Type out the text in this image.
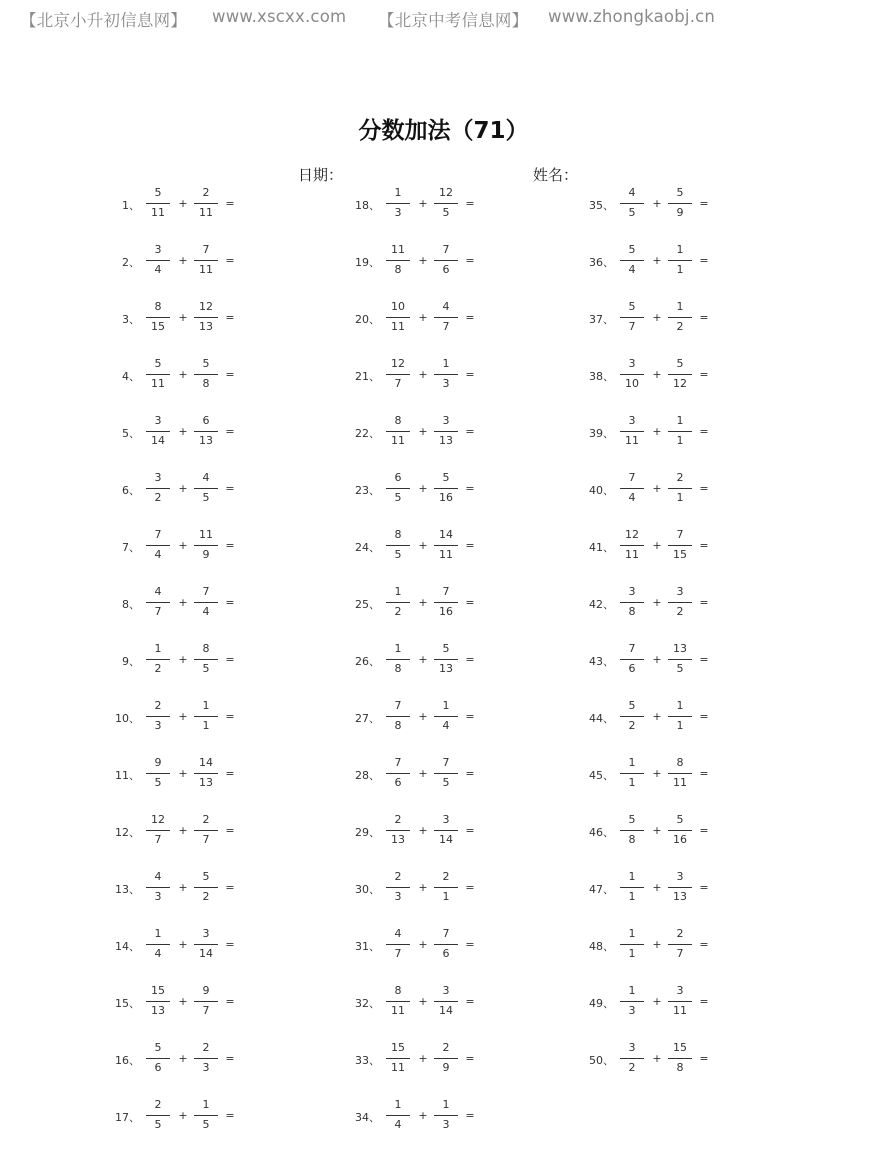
【北京小升初信息网】 www.xscxx.com 【北京中考信息网】 www.zhongkaobj.cn
分数加法（71）
日期：	姓名：
1、
5
11
+
2
11
=
2、
3
4
+
7
11
=
3、
8
15
+
12
13
=
4、
5
11
+
5
8
=
5、
3
14
+
6
13
=
6、
3
2
+
4
5
=
7、
7
4
+
11
9
=
8、
4
7
+
7
4
=
9、
1
2
+
8
5
=
10、
2
3
+
1
1
=
11、
9
5
+
14
13
=
12、
12
7
+
2
7
=
13、
4
3
+
5
2
=
14、
1
4
+
3
14
=
15、
15
13
+
9
7
=
16、
5
6
+
2
3
=
17、
2
5
+
1
5
=
18、
1
3
+
12
5
=
19、
11
8
+
7
6
=
20、
10
11
+
4
7
=
21、
12
7
+
1
3
=
22、
8
11
+
3
13
=
23、
6
5
+
5
16
=
24、
8
5
+
14
11
=
25、
1
2
+
7
16
=
26、
1
8
+
5
13
=
27、
7
8
+
1
4
=
28、
7
6
+
7
5
=
29、
2
13
+
3
14
=
30、
2
3
+
2
1
=
31、
4
7
+
7
6
=
32、
8
11
+
3
14
=
33、
15
11
+
2
9
=
34、
1
4
+
1
3
=
35、
4
5
+
5
9
=
36、
5
4
+
1
1
=
37、
5
7
+
1
2
=
38、
3
10
+
5
12
=
39、
3
11
+
1
1
=
40、
7
4
+
2
1
=
41、
12
11
+
7
15
=
42、
3
8
+
3
2
=
43、
7
6
+
13
5
=
44、
5
2
+
1
1
=
45、
1
1
+
8
11
=
46、
5
8
+
5
16
=
47、
1
1
+
3
13
=
48、
1
1
+
2
7
=
49、
1
3
+
3
11
=
50、
3
2
+
15
8
=
